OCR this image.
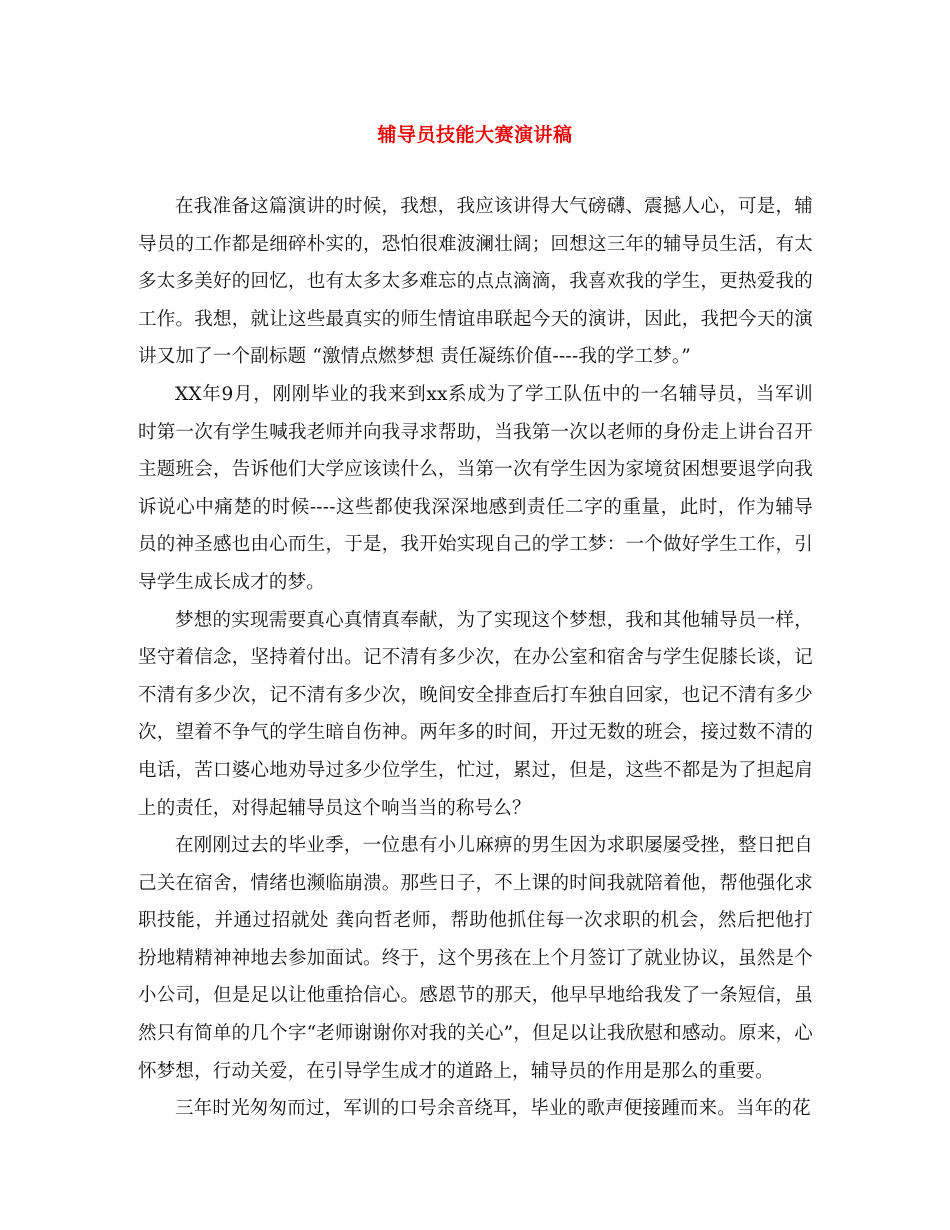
辅导员技能大赛演讲稿

在我准备这篇演讲的时候，我想，我应该讲得大气磅礴、震撼人心，可是，辅导员的工作都是细碎朴实的，恐怕很难波澜壮阔；回想这三年的辅导员生活，有太多太多美好的回忆，也有太多太多难忘的点点滴滴，我喜欢我的学生，更热爱我的工作。我想，就让这些最真实的师生情谊串联起今天的演讲，因此，我把今天的演讲又加了一个副标题 “激情点燃梦想 责任凝练价值----我的学工梦。”

XX年9月，刚刚毕业的我来到xx系成为了学工队伍中的一名辅导员，当军训时第一次有学生喊我老师并向我寻求帮助，当我第一次以老师的身份走上讲台召开主题班会，告诉他们大学应该读什么，当第一次有学生因为家境贫困想要退学向我诉说心中痛楚的时候----这些都使我深深地感到责任二字的重量，此时，作为辅导员的神圣感也由心而生，于是，我开始实现自己的学工梦：一个做好学生工作，引导学生成长成才的梦。

梦想的实现需要真心真情真奉献，为了实现这个梦想，我和其他辅导员一样，坚守着信念，坚持着付出。记不清有多少次，在办公室和宿舍与学生促膝长谈，记不清有多少次，记不清有多少次，晚间安全排查后打车独自回家，也记不清有多少次，望着不争气的学生暗自伤神。两年多的时间，开过无数的班会，接过数不清的电话，苦口婆心地劝导过多少位学生，忙过，累过，但是，这些不都是为了担起肩上的责任，对得起辅导员这个响当当的称号么？

在刚刚过去的毕业季，一位患有小儿麻痹的男生因为求职屡屡受挫，整日把自己关在宿舍，情绪也濒临崩溃。那些日子，不上课的时间我就陪着他，帮他强化求职技能，并通过招就处 龚向哲老师，帮助他抓住每一次求职的机会，然后把他打扮地精精神神地去参加面试。终于，这个男孩在上个月签订了就业协议，虽然是个小公司，但是足以让他重拾信心。感恩节的那天，他早早地给我发了一条短信，虽然只有简单的几个字“老师谢谢你对我的关心”，但足以让我欣慰和感动。原来，心怀梦想，行动关爱，在引导学生成才的道路上，辅导员的作用是那么的重要。

三年时光匆匆而过，军训的口号余音绕耳，毕业的歌声便接踵而来。当年的花
